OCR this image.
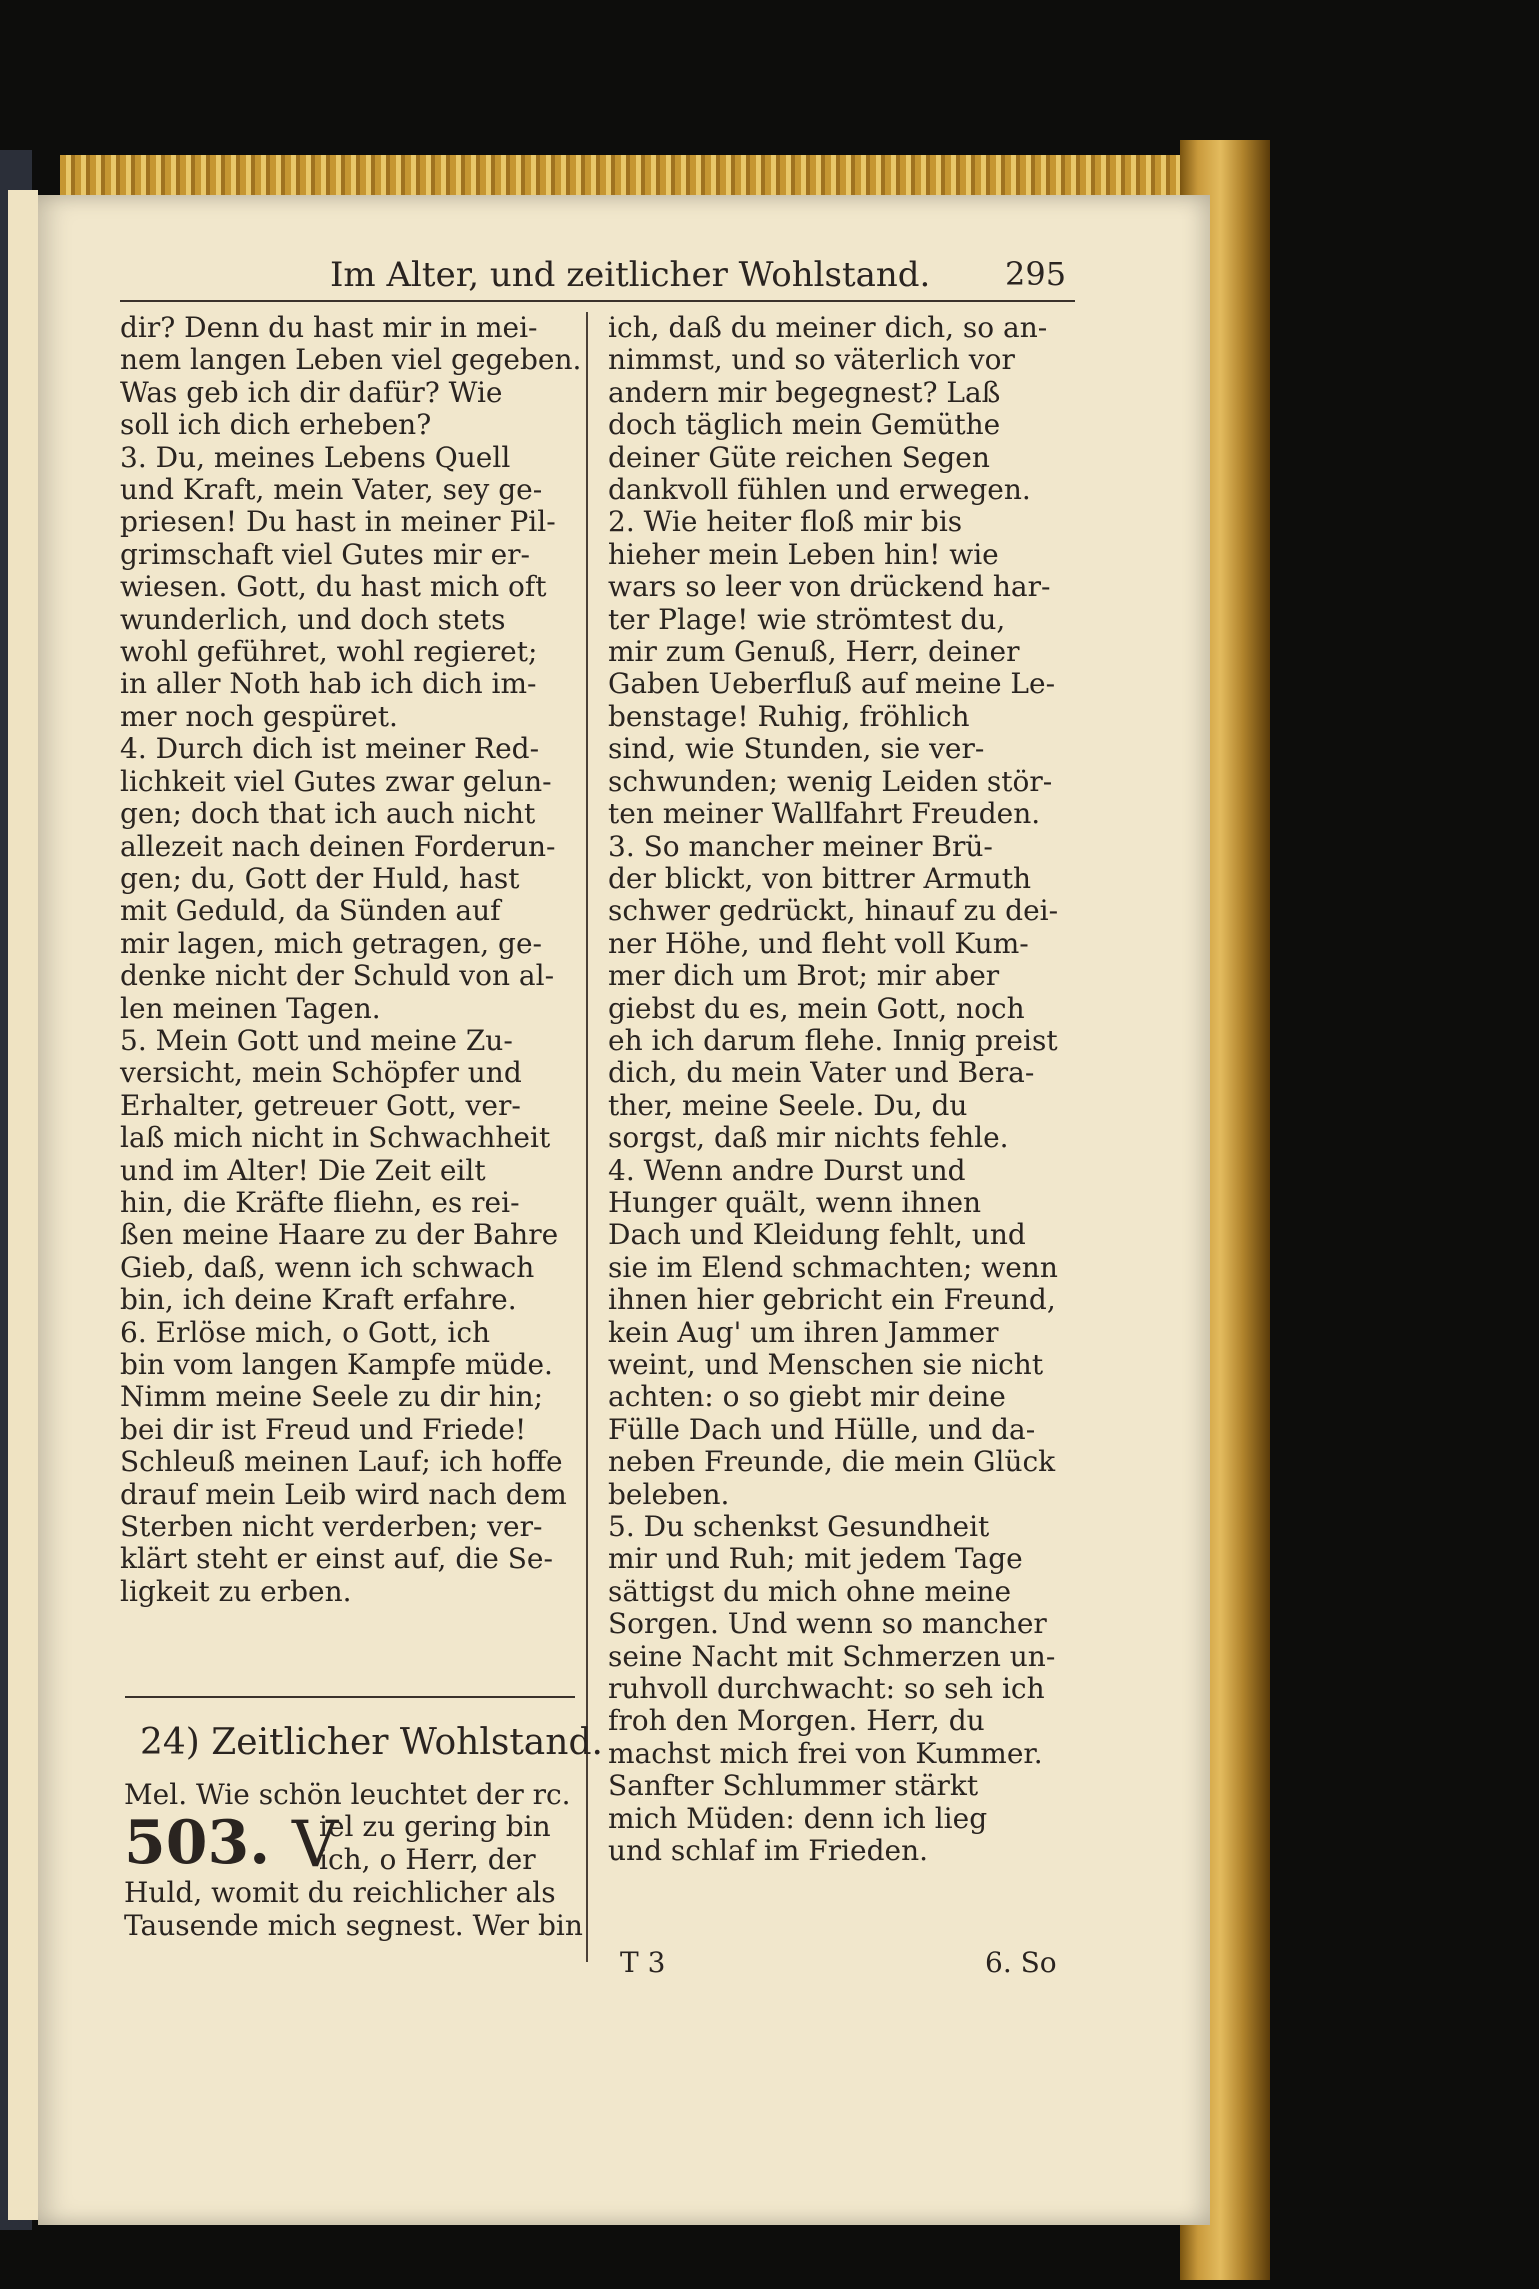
Im Alter, und zeitlicher Wohlstand. 295
dir? Denn du hast mir in mei-
nem langen Leben viel gegeben.
Was geb ich dir dafür? Wie
soll ich dich erheben?
3. Du, meines Lebens Quell
und Kraft, mein Vater, sey ge-
priesen! Du hast in meiner Pil-
grimschaft viel Gutes mir er-
wiesen. Gott, du hast mich oft
wunderlich, und doch stets
wohl geführet, wohl regieret;
in aller Noth hab ich dich im-
mer noch gespüret.
4. Durch dich ist meiner Red-
lichkeit viel Gutes zwar gelun-
gen; doch that ich auch nicht
allezeit nach deinen Forderun-
gen; du, Gott der Huld, hast
mit Geduld, da Sünden auf
mir lagen, mich getragen, ge-
denke nicht der Schuld von al-
len meinen Tagen.
5. Mein Gott und meine Zu-
versicht, mein Schöpfer und
Erhalter, getreuer Gott, ver-
laß mich nicht in Schwachheit
und im Alter! Die Zeit eilt
hin, die Kräfte fliehn, es rei-
ßen meine Haare zu der Bahre
Gieb, daß, wenn ich schwach
bin, ich deine Kraft erfahre.
6. Erlöse mich, o Gott, ich
bin vom langen Kampfe müde.
Nimm meine Seele zu dir hin;
bei dir ist Freud und Friede!
Schleuß meinen Lauf; ich hoffe
drauf mein Leib wird nach dem
Sterben nicht verderben; ver-
klärt steht er einst auf, die Se-
ligkeit zu erben.
24) Zeitlicher Wohlstand.
Mel. Wie schön leuchtet der rc.
503. V
iel zu gering bin
ich, o Herr, der
Huld, womit du reichlicher als
Tausende mich segnest. Wer bin
ich, daß du meiner dich, so an-
nimmst, und so väterlich vor
andern mir begegnest? Laß
doch täglich mein Gemüthe
deiner Güte reichen Segen
dankvoll fühlen und erwegen.
2. Wie heiter floß mir bis
hieher mein Leben hin! wie
wars so leer von drückend har-
ter Plage! wie strömtest du,
mir zum Genuß, Herr, deiner
Gaben Ueberfluß auf meine Le-
benstage! Ruhig, fröhlich
sind, wie Stunden, sie ver-
schwunden; wenig Leiden stör-
ten meiner Wallfahrt Freuden.
3. So mancher meiner Brü-
der blickt, von bittrer Armuth
schwer gedrückt, hinauf zu dei-
ner Höhe, und fleht voll Kum-
mer dich um Brot; mir aber
giebst du es, mein Gott, noch
eh ich darum flehe. Innig preist
dich, du mein Vater und Bera-
ther, meine Seele. Du, du
sorgst, daß mir nichts fehle.
4. Wenn andre Durst und
Hunger quält, wenn ihnen
Dach und Kleidung fehlt, und
sie im Elend schmachten; wenn
ihnen hier gebricht ein Freund,
kein Aug' um ihren Jammer
weint, und Menschen sie nicht
achten: o so giebt mir deine
Fülle Dach und Hülle, und da-
neben Freunde, die mein Glück
beleben.
5. Du schenkst Gesundheit
mir und Ruh; mit jedem Tage
sättigst du mich ohne meine
Sorgen. Und wenn so mancher
seine Nacht mit Schmerzen un-
ruhvoll durchwacht: so seh ich
froh den Morgen. Herr, du
machst mich frei von Kummer.
Sanfter Schlummer stärkt
mich Müden: denn ich lieg
und schlaf im Frieden.
T 3	6. So
